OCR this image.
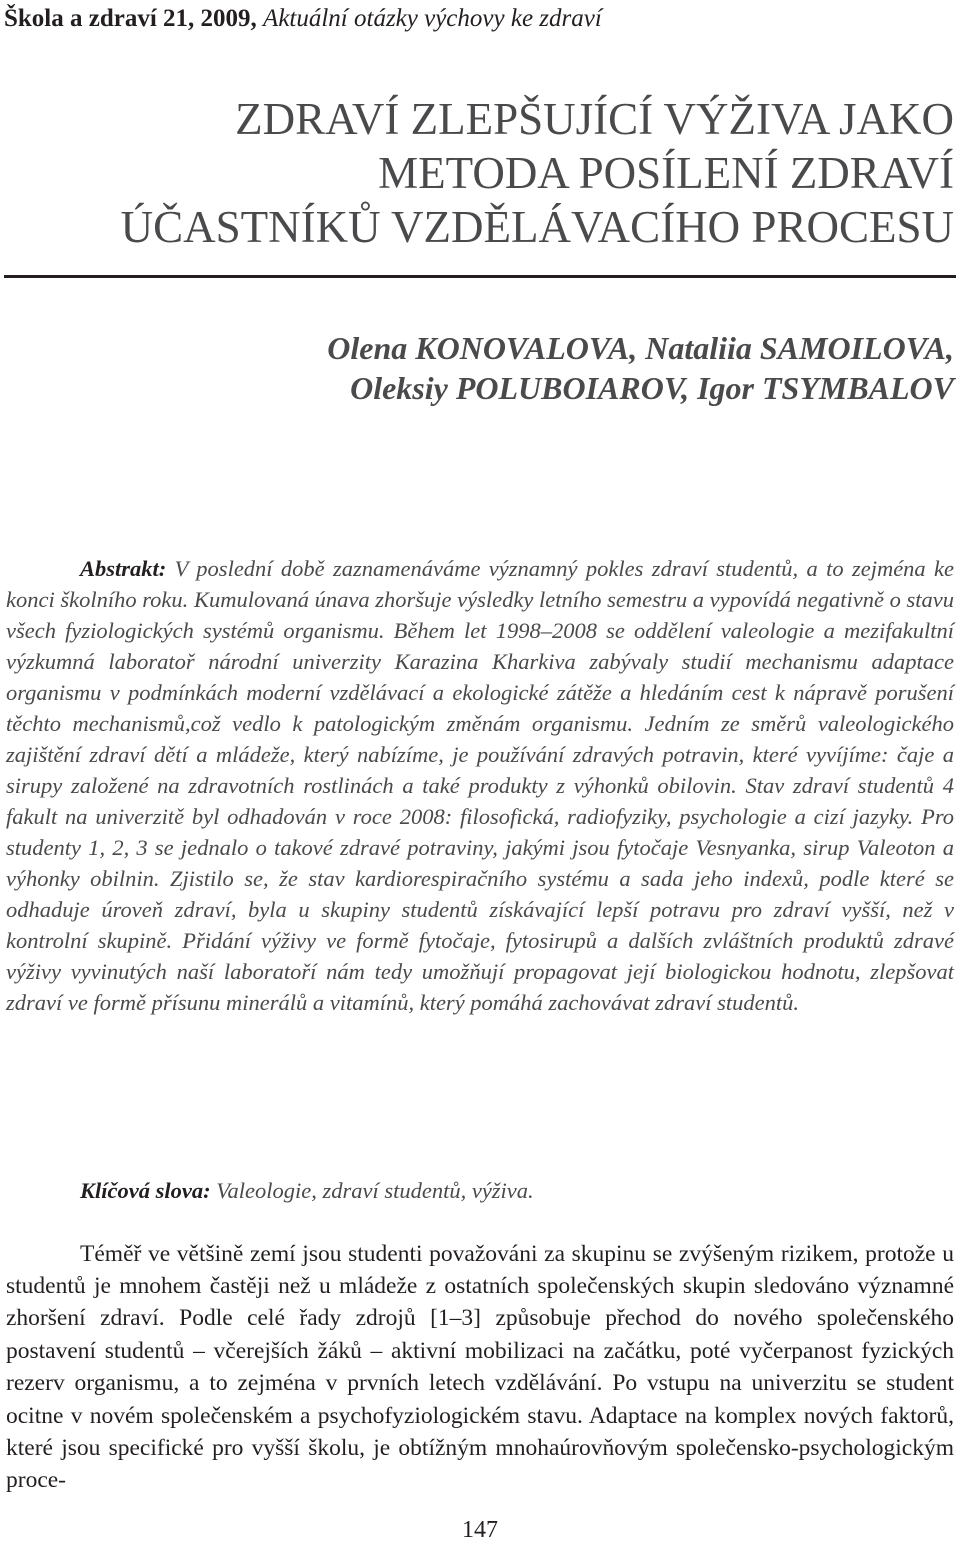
Škola a zdraví 21, 2009, Aktuální otázky výchovy ke zdraví
ZDRAVÍ ZLEPŠUJÍCÍ VÝŽIVA JAKO
METODA POSÍLENÍ ZDRAVÍ
ÚČASTNÍKŮ VZDĚLÁVACÍHO PROCESU
Olena KONOVALOVA, Nataliia SAMOILOVA,
Oleksiy POLUBOIAROV, Igor TSYMBALOV

Abstrakt: V poslední době zaznamenáváme významný pokles zdraví studentů, a to zejména ke konci školního roku. Kumulovaná únava zhoršuje výsledky letního semestru a vypovídá negativně o stavu všech fyziologických systémů organismu. Během let 1998–2008 se oddělení valeologie a mezifakultní výzkumná laboratoř národní univerzity Karazina Kharkiva zabývaly studií mechanismu adaptace organismu v podmínkách moderní vzdělávací a ekologické zátěže a hledáním cest k nápravě porušení těchto mechanismů,což vedlo k patologickým změnám organismu. Jedním ze směrů valeologického zajištění zdraví dětí a mládeže, který nabízíme, je používání zdravých potravin, které vyvíjíme: čaje a sirupy založené na zdravotních rostlinách a také produkty z výhonků obilovin. Stav zdraví studentů 4 fakult na univerzitě byl odhadován v roce 2008: filosofická, radiofyziky, psychologie a cizí jazyky. Pro studenty 1, 2, 3 se jednalo o takové zdravé potraviny, jakými jsou fytočaje Vesnyanka, sirup Valeoton a výhonky obilnin. Zjistilo se, že stav kardiorespiračního systému a sada jeho indexů, podle které se odhaduje úroveň zdraví, byla u skupiny studentů získávající lepší potravu pro zdraví vyšší, než v kontrolní skupině. Přidání výživy ve formě fytočaje, fytosirupů a dalších zvláštních produktů zdravé výživy vyvinutých naší laboratoří nám tedy umožňují propagovat její biologickou hodnotu, zlepšovat zdraví ve formě přísunu minerálů a vitamínů, který pomáhá zachovávat zdraví studentů.

Klíčová slova: Valeologie, zdraví studentů, výživa.

Téměř ve většině zemí jsou studenti považováni za skupinu se zvýšeným rizikem, protože u studentů je mnohem častěji než u mládeže z ostatních společenských skupin sledováno významné zhoršení zdraví. Podle celé řady zdrojů [1–3] způsobuje přechod do nového společenského postavení studentů – včerejších žáků – aktivní mobilizaci na začátku, poté vyčerpanost fyzických rezerv organismu, a to zejména v prvních letech vzdělávání. Po vstupu na univerzitu se student ocitne v novém společenském a psychofyziologickém stavu. Adaptace na komplex nových faktorů, které jsou specifické pro vyšší školu, je obtížným mnohaúrovňovým společensko-psychologickým proce-

147
